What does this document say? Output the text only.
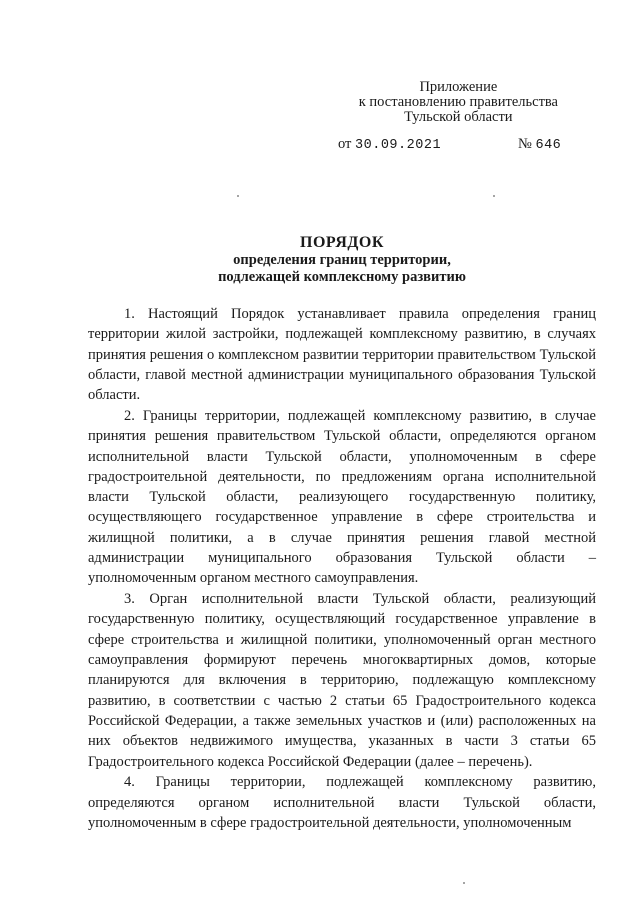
Приложение
к постановлению правительства
Тульской области
от 30.09.2021	№ 646
ПОРЯДОК
определения границ территории,
подлежащей комплексному развитию

1. Настоящий Порядок устанавливает правила определения границ территории жилой застройки, подлежащей комплексному развитию, в случаях принятия решения о комплексном развитии территории правительством Тульской области, главой местной администрации муниципального образования Тульской области.

2. Границы территории, подлежащей комплексному развитию, в случае принятия решения правительством Тульской области, определяются органом исполнительной власти Тульской области, уполномоченным в сфере градостроительной деятельности, по предложениям органа исполнительной власти Тульской области, реализующего государственную политику, осуществляющего государственное управление в сфере строительства и жилищной политики, а в случае принятия решения главой местной администрации муниципального образования Тульской области – уполномоченным органом местного самоуправления.

3. Орган исполнительной власти Тульской области, реализующий государственную политику, осуществляющий государственное управление в сфере строительства и жилищной политики, уполномоченный орган местного самоуправления формируют перечень многоквартирных домов, которые планируются для включения в территорию, подлежащую комплексному развитию, в соответствии с частью 2 статьи 65 Градостроительного кодекса Российской Федерации, а также земельных участков и (или) расположенных на них объектов недвижимого имущества, указанных в части 3 статьи 65 Градостроительного кодекса Российской Федерации (далее – перечень).

4. Границы территории, подлежащей комплексному развитию, определяются органом исполнительной власти Тульской области, уполномоченным в сфере градостроительной деятельности, уполномоченным
